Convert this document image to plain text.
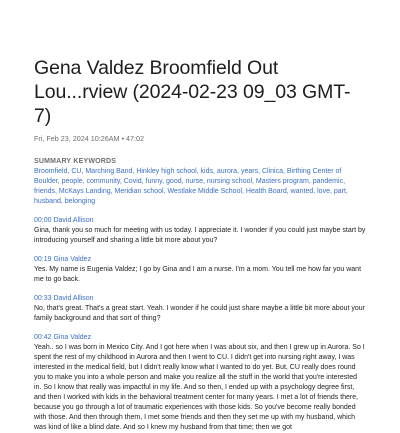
Gena Valdez Broomfield Out Lou...rview (2024-02-23 09_03 GMT-7)
Fri, Feb 23, 2024 10:26AM • 47:02
SUMMARY KEYWORDS
Broomfield, CU, Marching Band, Hinkley high school, kids, aurora, years, Clinica, Birthing Center of Boulder, people, community, Covid, funny, good, nurse, nursing school, Masters program, pandemic, friends, McKays Landing, Meridian school, Westlake Middle School, Health Board, wanted, love, part, husband, belonging
00:00 David Allison
Gina, thank you so much for meeting with us today. I appreciate it. I wonder if you could just maybe start by introducing yourself and sharing a little bit more about you?
00:19 Gina Valdez
Yes. My name is Eugenia Valdez; I go by Gina and I am a nurse. I'm a mom. You tell me how far you want me to go back.
00:33 David Allison
No, that's great. That's a great start. Yeah. I wonder if he could just share maybe a little bit more about your family background and that sort of thing?
00:42 Gina Valdez
Yeah.. so I was born in Mexico City. And I got here when I was about six, and then I grew up in Aurora. So I spent the rest of my childhood in Aurora and then I went to CU. I didn't get into nursing right away, I was interested in the medical field, but I didn't really know what I wanted to do yet. But, CU really does round you to make you into a whole person and make you realize all the stuff in the world that you're interested in. So I know that really was impactful in my life. And so then, I ended up with a psychology degree first, and then I worked with kids in the behavioral treatment center for many years. I met a lot of friends there, because you go through a lot of traumatic experiences with those kids. So you've become really bonded with those. And then through them, I met some friends and then they set me up with my husband, which was kind of like a blind date. And so I knew my husband from that time; then we got
